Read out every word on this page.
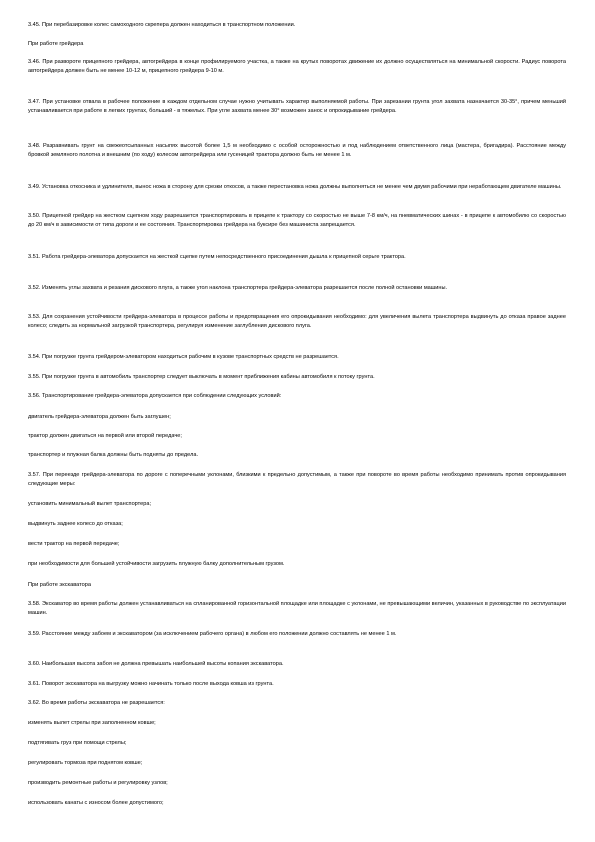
3.45. При перебазировке колес самоходного скрепера должен находиться в транспортном положении.

При работе грейдера

3.46. При развороте прицепного грейдера, автогрейдера в конце профилируемого участка, а также на крутых поворотах движение их должно осуществляться на минимальной скорости. Радиус поворота автогрейдера должен быть не менее 10-12 м, прицепного грейдера 9-10 м.

3.47. При установке отвала в рабочее положение в каждом отдельном случае нужно учитывать характер выполняемой работы. При зарезании грунта угол захвата назначается 30-35°, причем меньший устанавливается при работе в легких грунтах, больший - в тяжелых. При угле захвата менее 30° возможен занос и опрокидывание грейдера.

3.48. Разравнивать грунт на свежеотсыпанных насыпях высотой более 1,5 м необходимо с особой осторожностью и под наблюдением ответственного лица (мастера, бригадира). Расстояние между бровкой земляного полотна и внешним (по ходу) колесом автогрейдера или гусеницей трактора должно быть не менее 1 м.

3.49. Установка откосника и удлинителя, вынос ножа в сторону для срезки откосов, а также перестановка ножа должны выполняться не менее чем двумя рабочими при неработающем двигателе машины.

3.50. Прицепной грейдер на жестком сцепном ходу разрешается транспортировать в прицепе к трактору со скоростью не выше 7-8 км/ч, на пневматических шинах - в прицепе к автомобилю со скоростью до 20 км/ч в зависимости от типа дороги и ее состояния. Транспортировка грейдера на буксире без машиниста запрещается.

3.51. Работа грейдера-элеватора допускается на жесткой сцепке путем непосредственного присоединения дышла к прицепной серьге трактора.

3.52. Изменять углы захвата и резания дискового плуга, а также угол наклона транспортера грейдера-элеватора разрешается после полной остановки машины.

3.53. Для сохранения устойчивости грейдера-элеватора в процессе работы и предотвращения его опрокидывания необходимо: для увеличения вылета транспортера выдвинуть до отказа правое заднее колесо; следить за нормальной загрузкой транспортера, регулируя изменение заглубления дискового плуга.

3.54. При погрузке грунта грейдером-элеватором находиться рабочим в кузове транспортных средств не разрешается.

3.55. При погрузке грунта в автомобиль транспортер следует выключать в момент приближения кабины автомобиля к потоку грунта.

3.56. Транспортирование грейдера-элеватора допускается при соблюдении следующих условий:

двигатель грейдера-элеватора должен быть заглушен;

трактор должен двигаться на первой или второй передаче;

транспортер и плужная балка должны быть подняты до предела.

3.57. При переезде грейдера-элеватора по дороге с поперечными уклонами, близкими к предельно допустимым, а также при повороте во время работы необходимо принимать против опрокидывания следующие меры:

установить минимальный вылет транспортера;

выдвинуть заднее колесо до отказа;

вести трактор на первой передаче;

при необходимости для большей устойчивости загрузить плужную балку дополнительным грузом.

При работе экскаватора

3.58. Экскаватор во время работы должен устанавливаться на спланированной горизонтальной площадке или площадке с уклонами, не превышающими величин, указанных в руководстве по эксплуатации машин.

3.59. Расстояние между забоем и экскаватором (за исключением рабочего органа) в любом его положении должно составлять не менее 1 м.

3.60. Наибольшая высота забоя не должна превышать наибольшей высоты копания экскаватора.

3.61. Поворот экскаватора на выгрузку можно начинать только после выхода ковша из грунта.

3.62. Во время работы экскаватора не разрешается:

изменять вылет стрелы при заполненном ковше;

подтягивать груз при помощи стрелы;

регулировать тормоза при поднятом ковше;

производить ремонтные работы и регулировку узлов;

использовать канаты с износом более допустимого;
